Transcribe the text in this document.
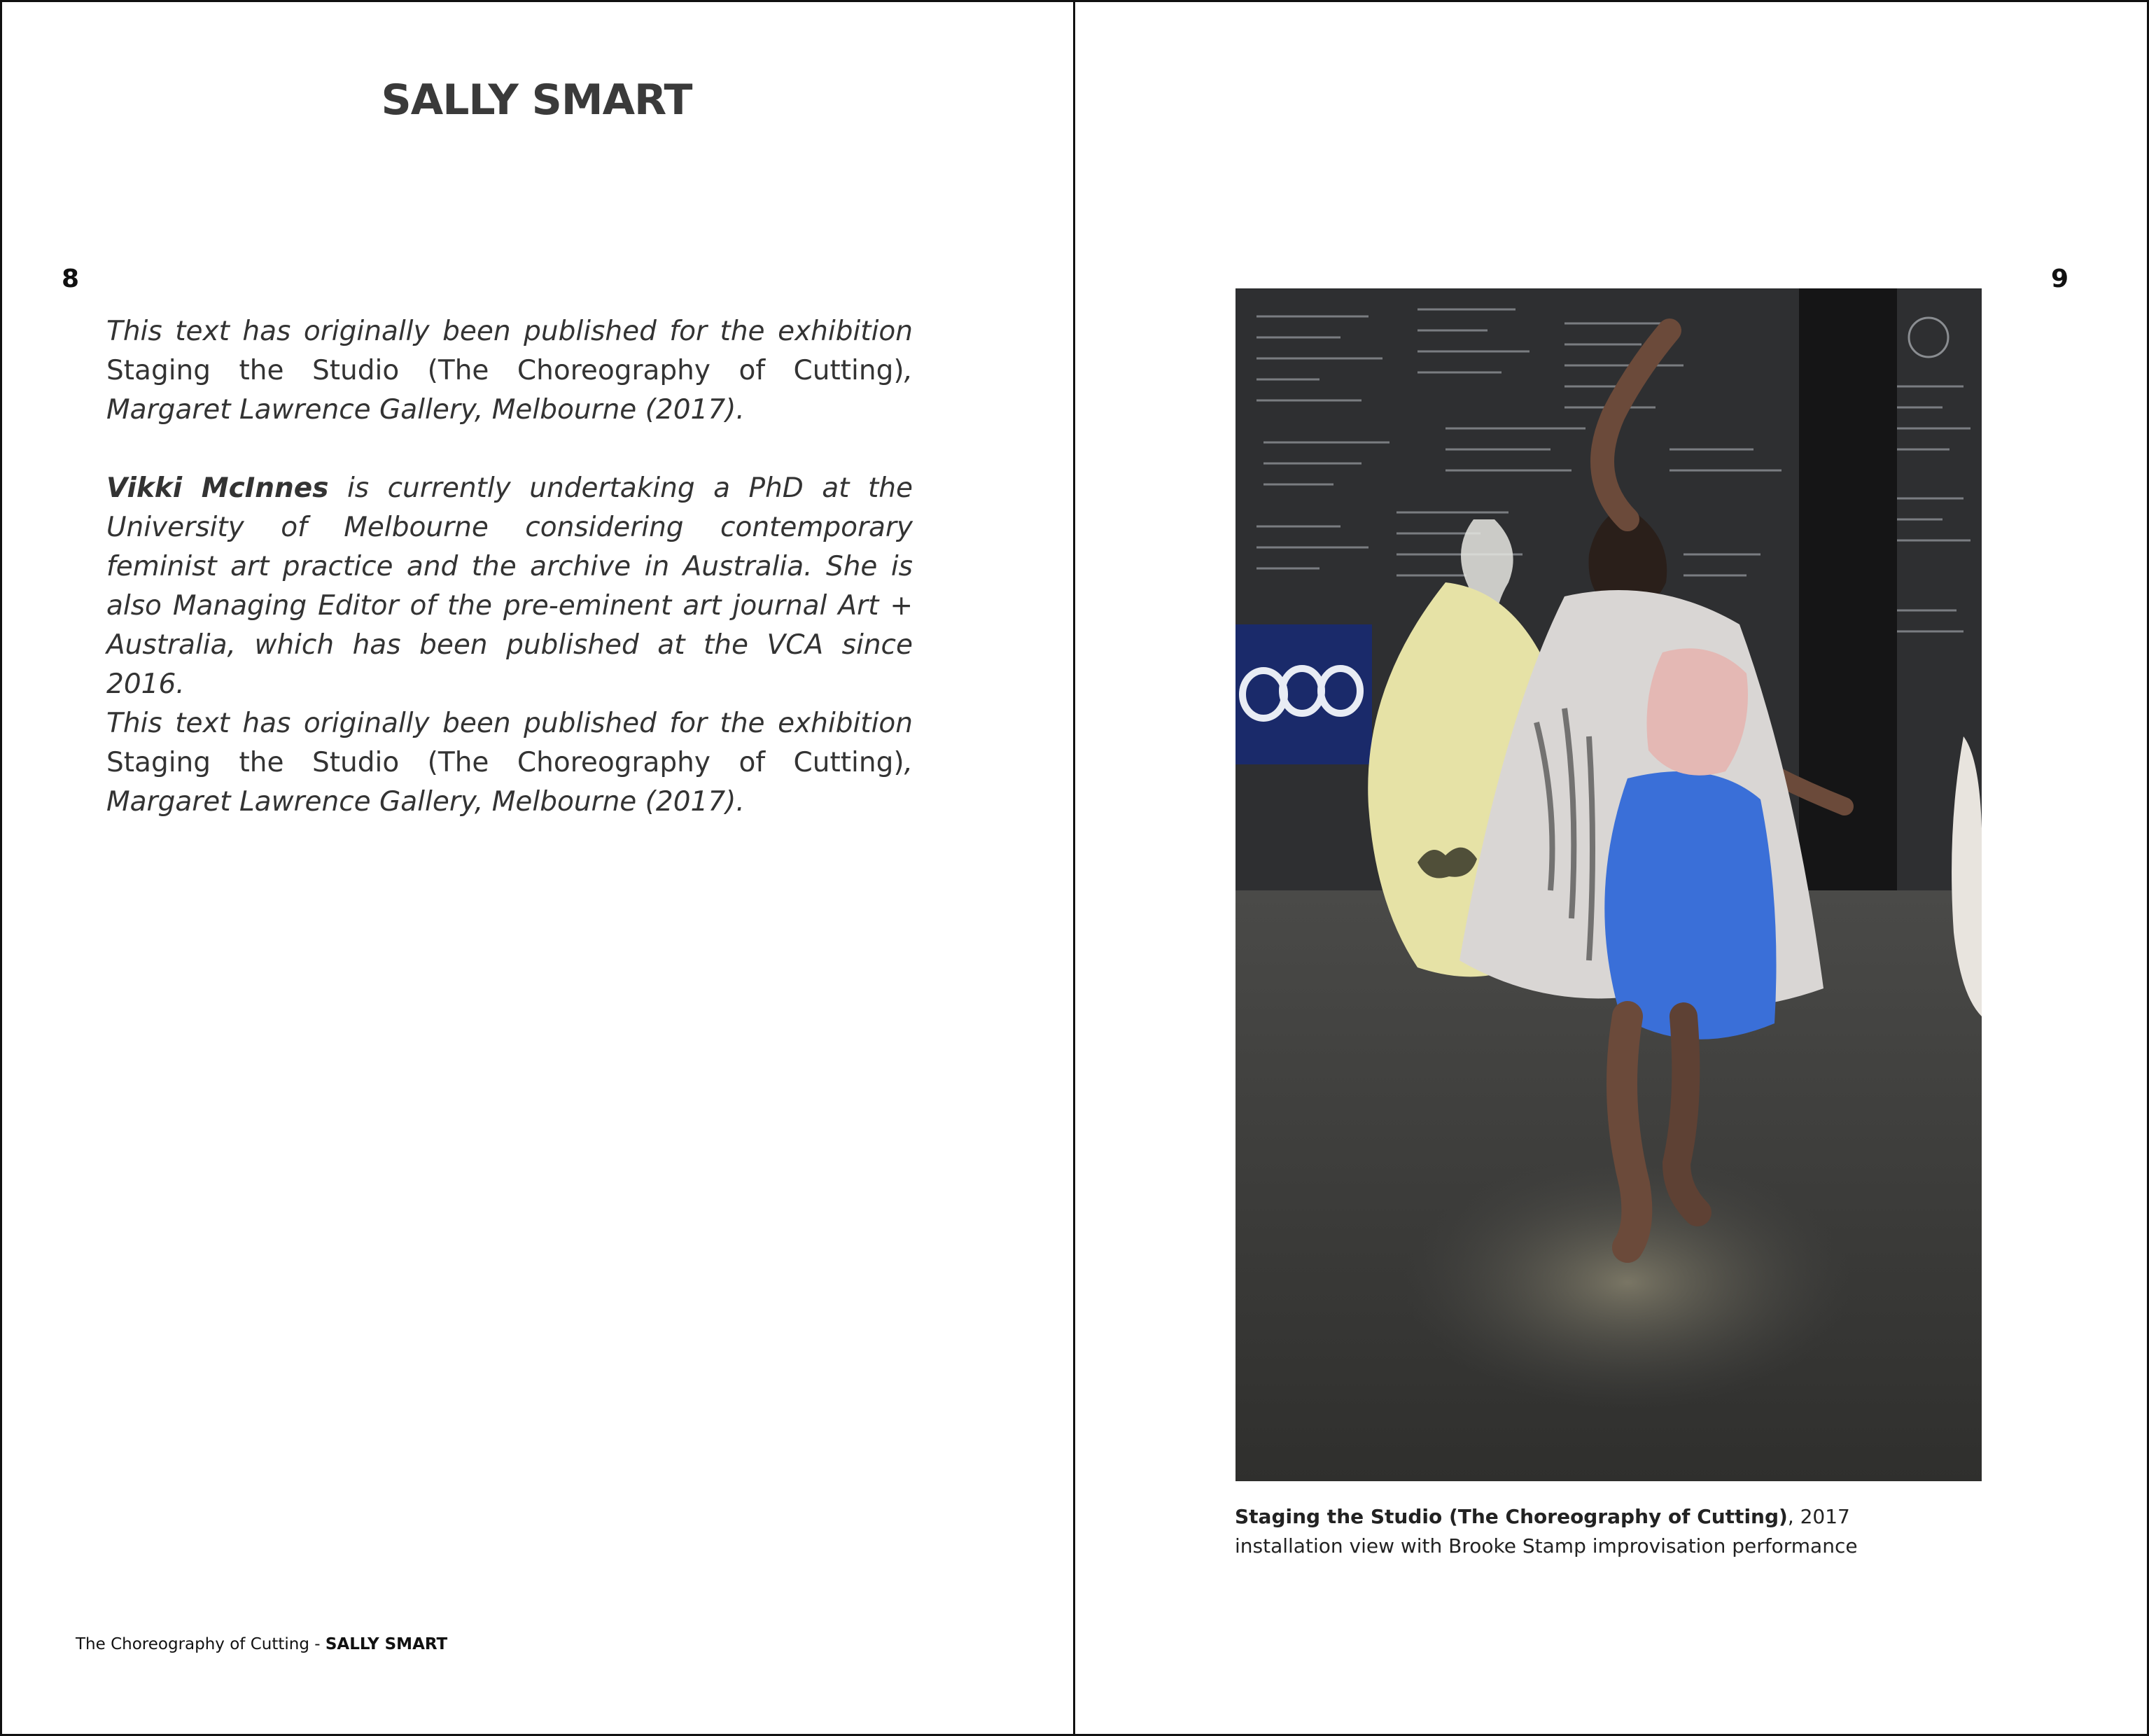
SALLY SMART
8	9

This text has originally been published for the exhibition Staging the Studio (The Choreography of Cutting), Margaret Lawrence Gallery, Melbourne (2017).

Vikki McInnes is currently undertaking a PhD at the University of Melbourne considering contemporary feminist art practice and the archive in Australia. She is also Managing Editor of the pre-eminent art journal Art + Australia, which has been published at the VCA since 2016.

This text has originally been published for the exhibition Staging the Studio (The Choreography of Cutting), Margaret Lawrence Gallery, Melbourne (2017).

The Choreography of Cutting - SALLY SMART
Staging the Studio (The Choreography of Cutting), 2017
installation view with Brooke Stamp improvisation performance
